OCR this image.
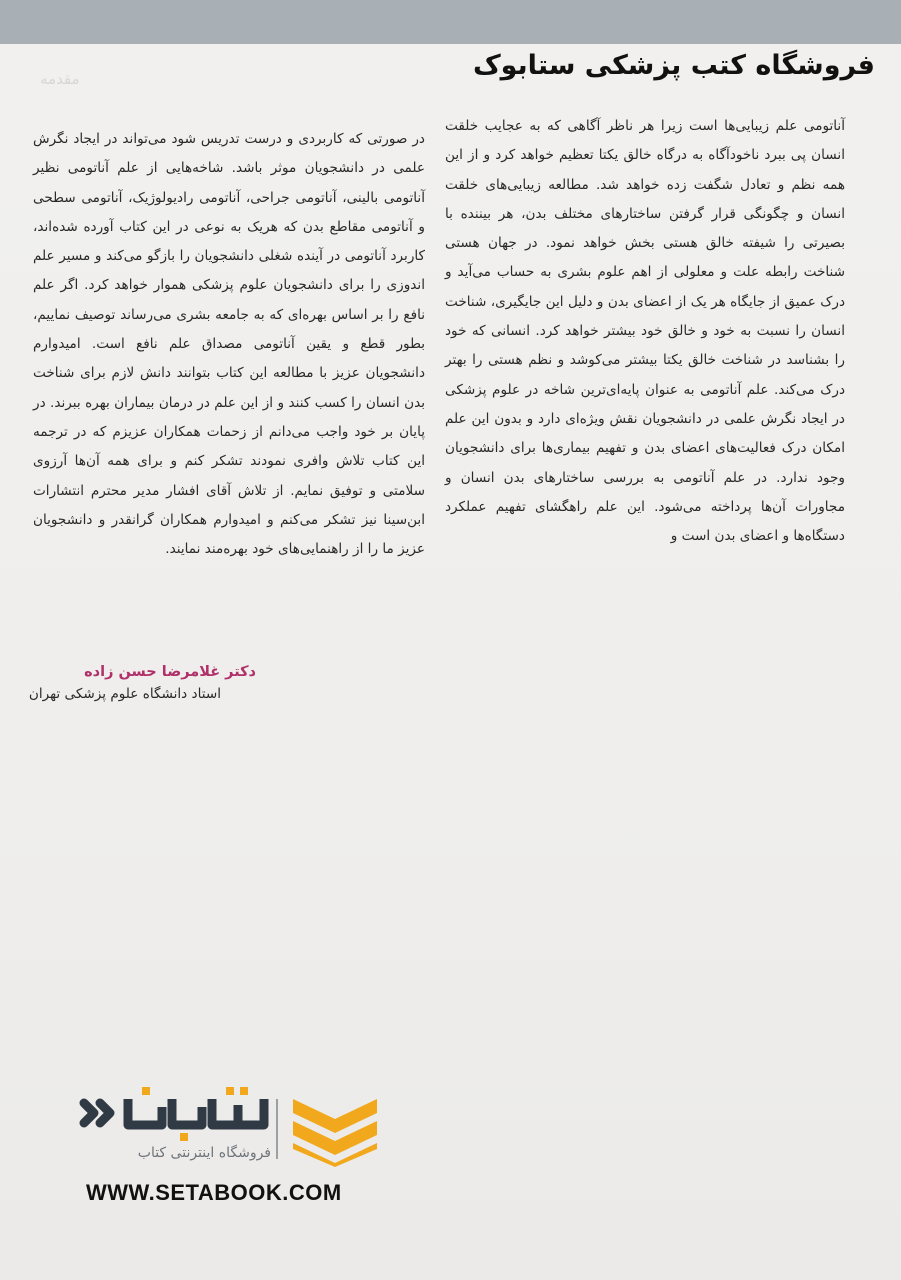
مقدمه	فروشگاه کتب پزشکی ستابوک

آناتومی علم زیبایی‌ها است زیرا هر ناظر آگاهی که به عجایب خلقت انسان پی ببرد ناخودآگاه به درگاه خالق یکتا تعظیم خواهد کرد و از این همه نظم و تعادل شگفت زده خواهد شد. مطالعه زیبایی‌های خلقت انسان و چگونگی قرار گرفتن ساختارهای مختلف بدن، هر بیننده با بصیرتی را شیفته خالق هستی بخش خواهد نمود. در جهان هستی شناخت رابطه علت و معلولی از اهم علوم بشری به حساب می‌آید و درک عمیق از جایگاه هر یک از اعضای بدن و دلیل این جایگیری، شناخت انسان را نسبت به خود و خالق خود بیشتر خواهد کرد. انسانی که خود را بشناسد در شناخت خالق یکتا بیشتر می‌کوشد و نظم هستی را بهتر درک می‌کند. علم آناتومی به عنوان پایه‌ای‌ترین شاخه در علوم پزشکی در ایجاد نگرش علمی در دانشجویان نقش ویژه‌ای دارد و بدون این علم امکان درک فعالیت‌های اعضای بدن و تفهیم بیماری‌ها برای دانشجویان وجود ندارد. در علم آناتومی به بررسی ساختارهای بدن انسان و مجاورات آن‌ها پرداخته می‌شود. این علم راهگشای تفهیم عملکرد دستگاه‌ها و اعضای بدن است و

در صورتی که کاربردی و درست تدریس شود می‌تواند در ایجاد نگرش علمی در دانشجویان موثر باشد. شاخه‌هایی از علم آناتومی نظیر آناتومی بالینی، آناتومی جراحی، آناتومی رادیولوژیک، آناتومی سطحی و آناتومی مقاطع بدن که هریک به نوعی در این کتاب آورده شده‌اند، کاربرد آناتومی در آینده شغلی دانشجویان را بازگو می‌کند و مسیر علم اندوزی را برای دانشجویان علوم پزشکی هموار خواهد کرد. اگر علم نافع را بر اساس بهره‌ای که به جامعه بشری می‌رساند توصیف نماییم، بطور قطع و یقین آناتومی مصداق علم نافع است. امیدوارم دانشجویان عزیز با مطالعه این کتاب بتوانند دانش لازم برای شناخت بدن انسان را کسب کنند و از این علم در درمان بیماران بهره ببرند. در پایان بر خود واجب می‌دانم از زحمات همکاران عزیزم که در ترجمه این کتاب تلاش وافری نمودند تشکر کنم و برای همه آن‌ها آرزوی سلامتی و توفیق نمایم. از تلاش آقای افشار مدیر محترم انتشارات ابن‌سینا نیز تشکر می‌کنم و امیدوارم همکاران گرانقدر و دانشجویان عزیز ما را از راهنمایی‌های خود بهره‌مند نمایند.

دکتر غلامرضا حسن زاده

استاد دانشگاه علوم پزشکی تهران

فروشگاه اینترنتی کتاب
WWW.SETABOOK.COM
